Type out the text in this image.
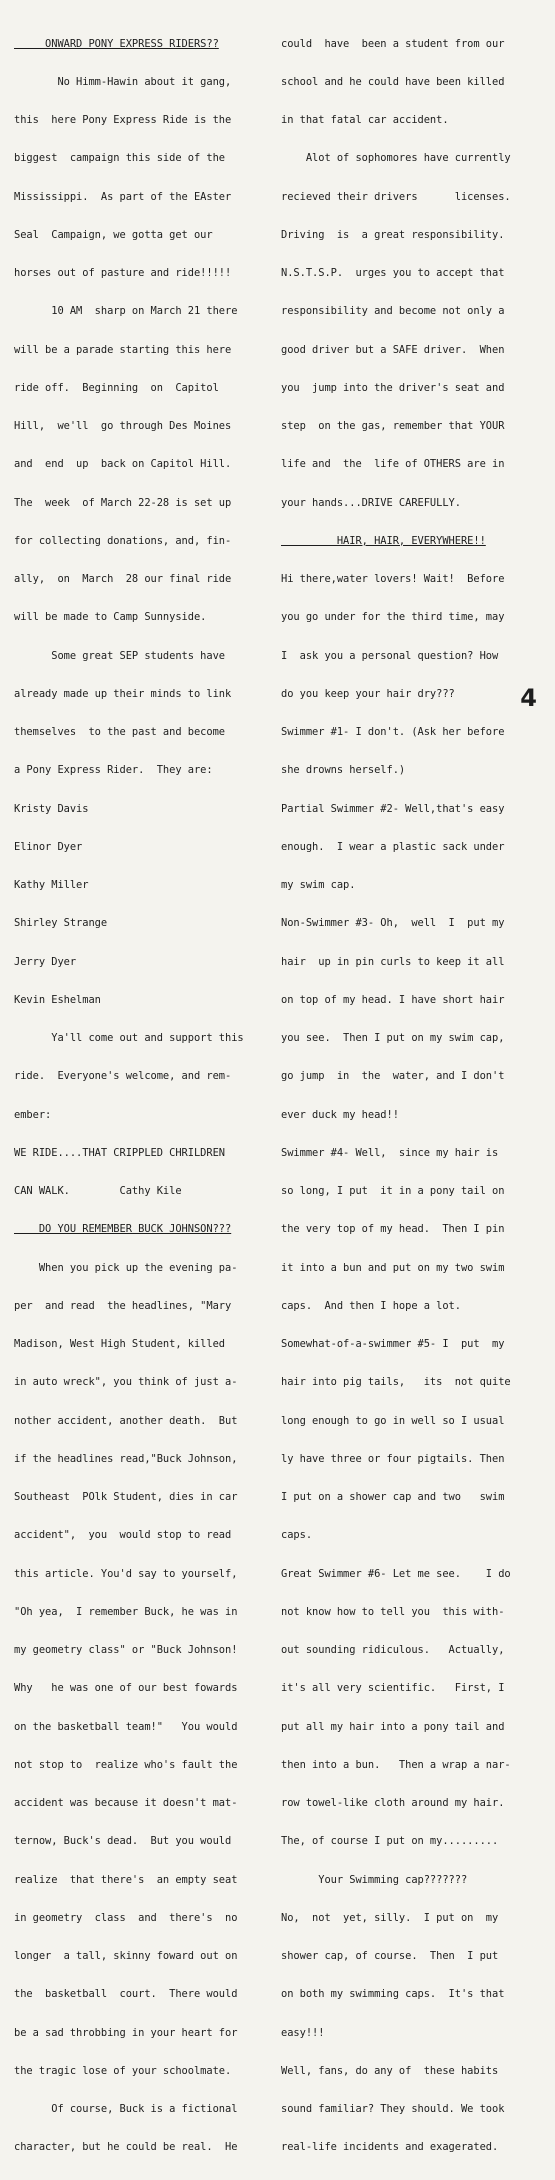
ONWARD PONY EXPRESS RIDERS??

No Himm-Hawin about it gang,

this  here Pony Express Ride is the

biggest  campaign this side of the

Mississippi.  As part of the EAster

Seal  Campaign, we gotta get our

horses out of pasture and ride!!!!!

10 AM  sharp on March 21 there

will be a parade starting this here

ride off.  Beginning  on  Capitol

Hill,  we'll  go through Des Moines

and  end  up  back on Capitol Hill.

The  week  of March 22-28 is set up

for collecting donations, and, fin-

ally,  on  March  28 our final ride

will be made to Camp Sunnyside.

Some great SEP students have

already made up their minds to link

themselves  to the past and become

a Pony Express Rider.  They are:

Kristy Davis

Elinor Dyer

Kathy Miller

Shirley Strange

Jerry Dyer

Kevin Eshelman

Ya'll come out and support this

ride.  Everyone's welcome, and rem-

ember:

WE RIDE....THAT CRIPPLED CHRILDREN

CAN WALK.        Cathy Kile

DO YOU REMEMBER BUCK JOHNSON???

When you pick up the evening pa-

per  and read  the headlines, "Mary

Madison, West High Student, killed

in auto wreck", you think of just a-

nother accident, another death.  But

if the headlines read,"Buck Johnson,

Southeast  POlk Student, dies in car

accident",  you  would stop to read

this article. You'd say to yourself,

"Oh yea,  I remember Buck, he was in

my geometry class" or "Buck Johnson!

Why   he was one of our best fowards

on the basketball team!"   You would

not stop to  realize who's fault the

accident was because it doesn't mat-

ternow, Buck's dead.  But you would

realize  that there's  an empty seat

in geometry  class  and  there's  no

longer  a tall, skinny foward out on

the  basketball  court.  There would

be a sad throbbing in your heart for

the tragic lose of your schoolmate.

Of course, Buck is a fictional

character, but he could be real.  He

could  have  been a student from our

school and he could have been killed

in that fatal car accident.

Alot of sophomores have currently

recieved their drivers      licenses.

Driving  is  a great responsibility.

N.S.T.S.P.  urges you to accept that

responsibility and become not only a

good driver but a SAFE driver.  When

you  jump into the driver's seat and

step  on the gas, remember that YOUR

life and  the  life of OTHERS are in

your hands...DRIVE CAREFULLY.

HAIR, HAIR, EVERYWHERE!!

Hi there,water lovers! Wait!  Before

you go under for the third time, may

I  ask you a personal question? How

do you keep your hair dry???

Swimmer #1- I don't. (Ask her before

she drowns herself.)

Partial Swimmer #2- Well,that's easy

enough.  I wear a plastic sack under

my swim cap.

Non-Swimmer #3- Oh,  well  I  put my

hair  up in pin curls to keep it all

on top of my head. I have short hair

you see.  Then I put on my swim cap,

go jump  in  the  water, and I don't

ever duck my head!!

Swimmer #4- Well,  since my hair is

so long, I put  it in a pony tail on

the very top of my head.  Then I pin

it into a bun and put on my two swim

caps.  And then I hope a lot.

Somewhat-of-a-swimmer #5- I  put  my

hair into pig tails,   its  not quite

long enough to go in well so I usual

ly have three or four pigtails. Then

I put on a shower cap and two   swim

caps.

Great Swimmer #6- Let me see.    I do

not know how to tell you  this with-

out sounding ridiculous.   Actually,

it's all very scientific.   First, I

put all my hair into a pony tail and

then into a bun.   Then a wrap a nar-

row towel-like cloth around my hair.

The, of course I put on my.........

Your Swimming cap???????

No,  not  yet, silly.  I put on  my

shower cap, of course.  Then  I put

on both my swimming caps.  It's that

easy!!!

Well, fans, do any of  these habits

sound familiar? They should. We took

real-life incidents and exagerated.

4
